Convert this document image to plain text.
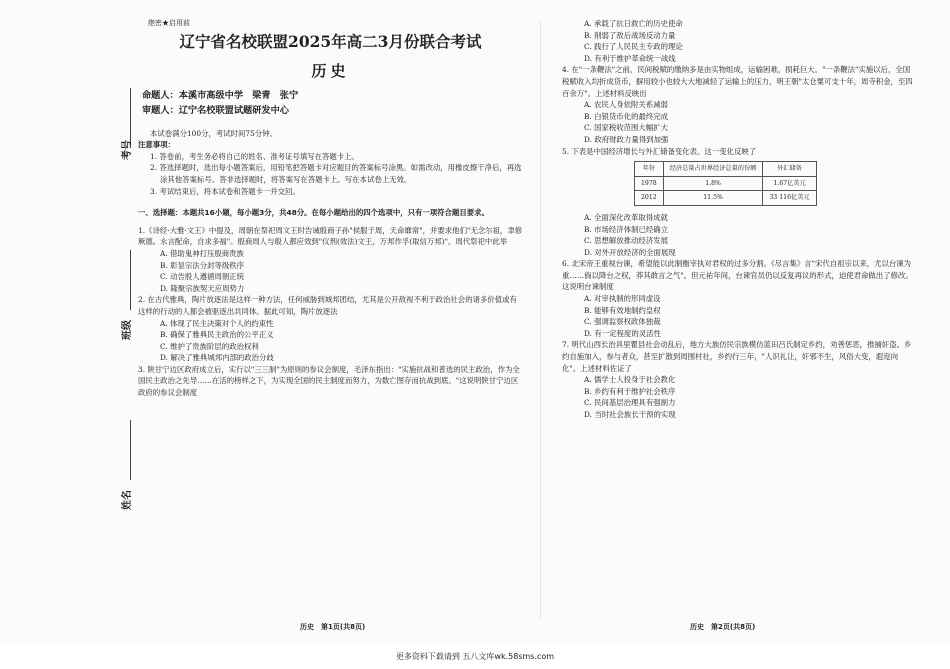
考号
班级
姓名
绝密★启用前
辽宁省名校联盟2025年高二3月份联合考试
历史
命题人：本溪市高级中学　梁青　张宁
审题人：辽宁名校联盟试题研发中心
本试卷满分100分，考试时间75分钟。
注意事项：
1. 答卷前，考生务必将自己的姓名、准考证号填写在答题卡上。
2. 答选择题时，选出每小题答案后，用铅笔把答题卡对应题目的答案标号涂黑。如需改动，用橡皮擦干净后，再选涂其他答案标号。答非选择题时，将答案写在答题卡上。写在本试卷上无效。
3. 考试结束后，将本试卷和答题卡一并交回。
一、选择题：本题共16小题，每小题3分，共48分。在每小题给出的四个选项中，只有一项符合题目要求。
1.《诗经·大雅·文王》中提及，周朝在祭祀周文王时告诫殷商子孙"侯服于周，天命靡常"，并要求他们"无念尔祖，聿修厥德。永言配命，自求多福"。殷商周人与殷人都应效到"仪刑(效法)文王，万邦作孚(取信万邦)"。周代祭祀中此举
A. 借助鬼神打压殷商贵族
B. 彰显宗法分封等级秩序
C. 动告殷人遵循周朝正统
D. 隆聚宗族契天应周势力
2. 在古代雅典，陶片放逐法是这样一种方法，任何威胁到城邦团结，尤其是公开敌视不利于政治社会的诸多价值或有这样的行动的人都会被驱逐出共同体。据此可知，陶片放逐法
A. 体现了民主决策对个人的约束性
B. 确保了雅典民主政治的公平正义
C. 维护了贵族阶层的政治权利
D. 解决了雅典城邦内部的政治分歧
3. 陕甘宁边区政府成立后，实行以"三三制"为原则的参议会制度，毛泽东指出："实施抗战和普选的民主政治，作为全国民主政治之先导……在活的榜样之下，为实现全国的民主制度而努力，为数亡图存而抗战到底。"这说明陕甘宁边区政府的参议会制度
历史　第1页(共8页)
A. 承载了抗日救亡的历史使命
B. 削弱了敌后战场反动力量
C. 践行了人民民主专政的理论
D. 有利于维护革命统一战线
4. 在"一条鞭法"之前，民间税赋的缴纳多是由实物组成，运输困难，损耗巨大。"一条鞭法"实施以后，全国税赋收入均折成货币，摒用较小也较大大地减轻了运输上的压力，明王朝"太仓粟可支十年，周寺积金，至四百余万"。上述材料反映出
A. 农民人身依附关系减弱
B. 白银货币化的最终完成
C. 国家税收范围大幅扩大
D. 政府财政力量得到加强
5. 下表是中国经济增长与外汇储备变化表。这一变化反映了
年份	经济总量占世界经济总量的份额	外汇储备
1978	1.8%	1.67亿美元
2012	11.5%	33 116亿美元
A. 全面深化改革取得成就
B. 市场经济体制已经确立
C. 思想解放推动经济发展
D. 对外开放经济的全面展现
6. 北宋帝王重视台谏，希望能以此制衡宰执对君权的过多分割。《尽言集》言"宋代自祖宗以来，尤以台谏为重……倘以降台之权，莽其敢言之气"。但元祐年间，台谏官员仍以反复再议的形式，迫使君命做出了修改。这说明台谏制度
A. 对宰执制的形同虚设
B. 能够有效地制约皇权
C. 强调监察权政体独裁
D. 有一定程度的灵活性
7. 明代山西长治具里瞿县社会动乱后，地方大族仿民宗族模仿蓝田吕氏制定乡约，劝善惩恶，推捕奸盗。乡约自施加入，参与者众，甚至扩散到周围村社，乡约行三年，"人识礼让，奸邪不生，风俗大变，遐迩向化"。上述材料佐证了
A. 儒学士人投身于社会教化
B. 乡约有利于维护社会秩序
C. 民间基层治理具有强制力
D. 当时社会族长干预的实现
历史　第2页(共8页)
更多资料下载请到 五八文库wk.58sms.com
